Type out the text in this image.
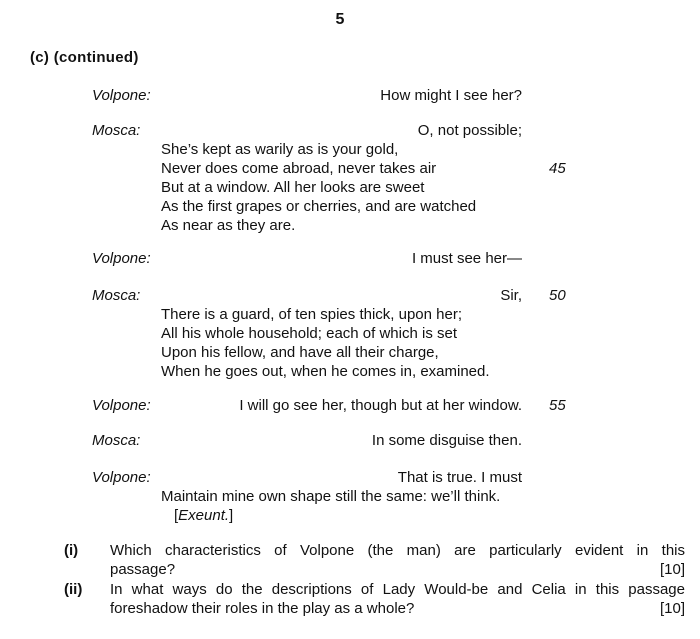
5
(c) (continued)
Volpone:	How might I see her?
Mosca:	O, not possible;
She’s kept as warily as is your gold,
Never does come abroad, never takes air
But at a window. All her looks are sweet
As the first grapes or cherries, and are watched
As near as they are.
45
Volpone:	I must see her—
Mosca:	Sir, 50
There is a guard, of ten spies thick, upon her;
All his whole household; each of which is set
Upon his fellow, and have all their charge,
When he goes out, when he comes in, examined.
Volpone:	I will go see her, though but at her window. 55
Mosca:	In some disguise then.
Volpone:	That is true. I must
Maintain mine own shape still the same: we’ll think.
[Exeunt.]
(i) Which characteristics of Volpone (the man) are particularly evident in this
passage?	[10]
(ii) In what ways do the descriptions of Lady Would-be and Celia in this passage
foreshadow their roles in the play as a whole?	[10]
